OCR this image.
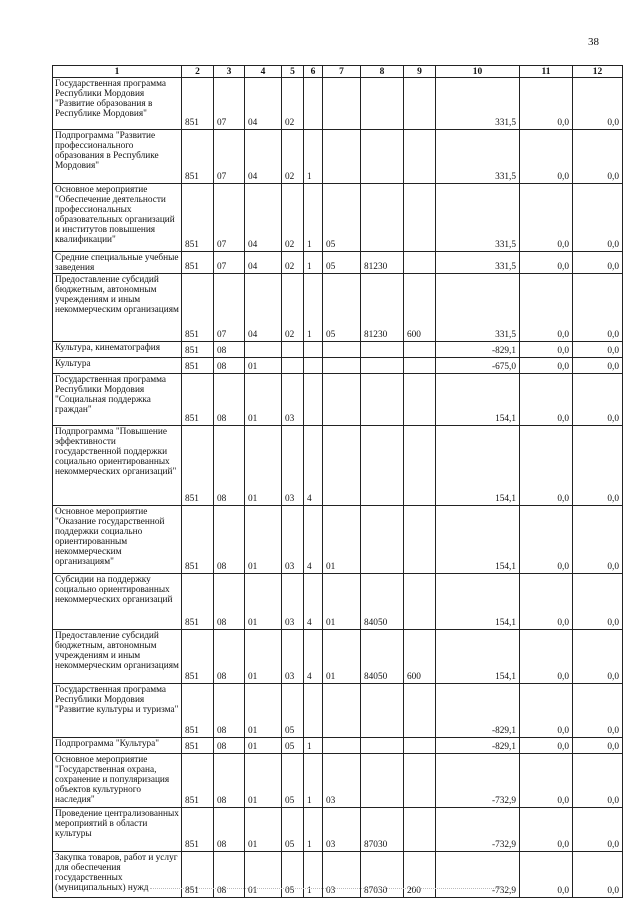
38
1	2	3	4	5	6	7	8	9	10	11	12
Государственная программа Республики Мордовия "Развитие образования в Республике Мордовия"	851	07	04	02					331,5	0,0	0,0
Подпрограмма "Развитие профессионального образования в Республике Мордовия"	851	07	04	02	1				331,5	0,0	0,0
Основное мероприятие "Обеспечение деятельности профессиональных образовательных организаций и институтов повышения квалификации"	851	07	04	02	1	05			331,5	0,0	0,0
Средние специальные учебные заведения	851	07	04	02	1	05	81230		331,5	0,0	0,0
Предоставление субсидий бюджетным, автономным учреждениям и иным некоммерческим организациям	851	07	04	02	1	05	81230	600	331,5	0,0	0,0
Культура, кинематография	851	08							-829,1	0,0	0,0
Культура	851	08	01						-675,0	0,0	0,0
Государственная программа Республики Мордовия "Социальная поддержка граждан"	851	08	01	03					154,1	0,0	0,0
Подпрограмма "Повышение эффективности государственной поддержки социально ориентированных некоммерческих организаций"	851	08	01	03	4				154,1	0,0	0,0
Основное мероприятие "Оказание государственной поддержки социально ориентированным некоммерческим организациям"	851	08	01	03	4	01			154,1	0,0	0,0
Субсидии на поддержку социально ориентированных некоммерческих организаций	851	08	01	03	4	01	84050		154,1	0,0	0,0
Предоставление субсидий бюджетным, автономным учреждениям и иным некоммерческим организациям	851	08	01	03	4	01	84050	600	154,1	0,0	0,0
Государственная программа Республики Мордовия "Развитие культуры и туризма"	851	08	01	05					-829,1	0,0	0,0
Подпрограмма "Культура"	851	08	01	05	1				-829,1	0,0	0,0
Основное мероприятие "Государственная охрана, сохранение и популяризация объектов культурного наследия"	851	08	01	05	1	03			-732,9	0,0	0,0
Проведение централизованных мероприятий в области культуры	851	08	01	05	1	03	87030		-732,9	0,0	0,0
Закупка товаров, работ и услуг для обеспечения государственных (муниципальных) нужд	851	08	01	05	1	03	87030	200	-732,9	0,0	0,0
